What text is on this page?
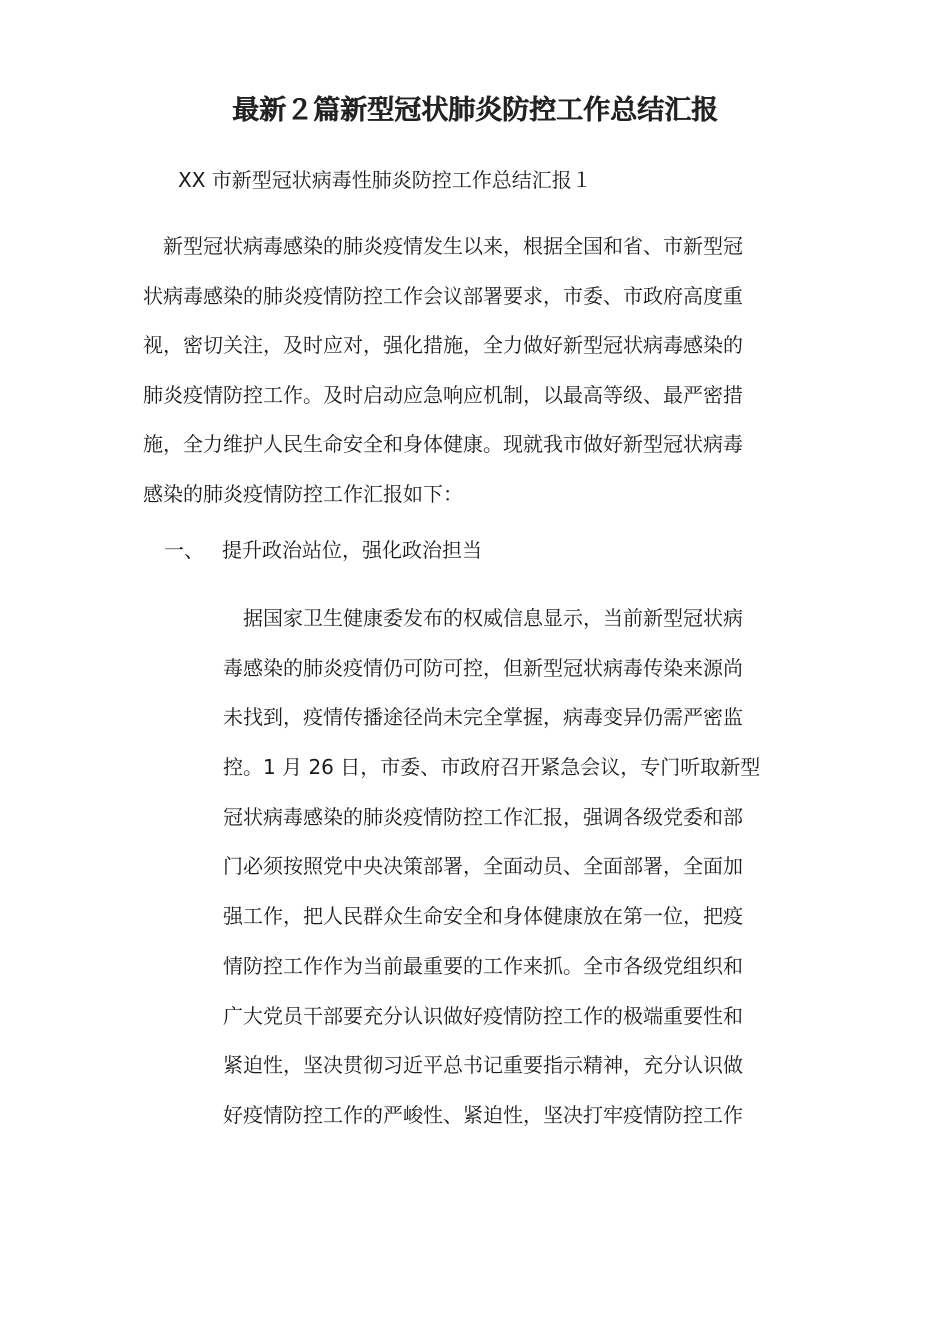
最新２篇新型冠状肺炎防控工作总结汇报
XX 市新型冠状病毒性肺炎防控工作总结汇报１
新型冠状病毒感染的肺炎疫情发生以来，根据全国和省、市新型冠
状病毒感染的肺炎疫情防控工作会议部署要求，市委、市政府高度重
视，密切关注，及时应对，强化措施，全力做好新型冠状病毒感染的
肺炎疫情防控工作。及时启动应急响应机制，以最高等级、最严密措
施，全力维护人民生命安全和身体健康。现就我市做好新型冠状病毒
感染的肺炎疫情防控工作汇报如下：
一、 提升政治站位，强化政治担当
据国家卫生健康委发布的权威信息显示，当前新型冠状病
毒感染的肺炎疫情仍可防可控，但新型冠状病毒传染来源尚
未找到，疫情传播途径尚未完全掌握，病毒变异仍需严密监
控。1 月 26 日，市委、市政府召开紧急会议，专门听取新型
冠状病毒感染的肺炎疫情防控工作汇报，强调各级党委和部
门必须按照党中央决策部署，全面动员、全面部署，全面加
强工作，把人民群众生命安全和身体健康放在第一位，把疫
情防控工作作为当前最重要的工作来抓。全市各级党组织和
广大党员干部要充分认识做好疫情防控工作的极端重要性和
紧迫性，坚决贯彻习近平总书记重要指示精神，充分认识做
好疫情防控工作的严峻性、紧迫性，坚决打牢疫情防控工作
